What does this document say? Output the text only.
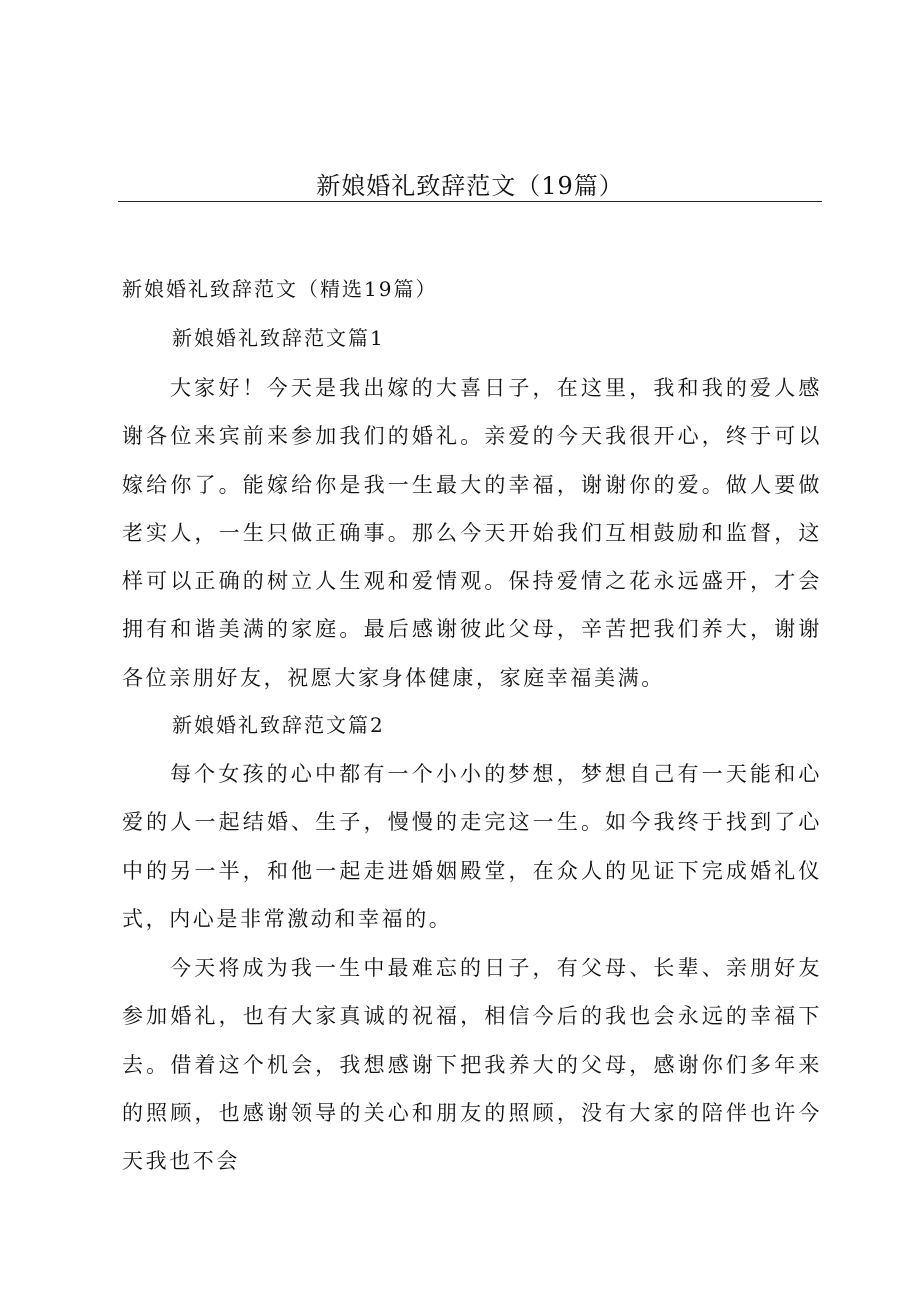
新娘婚礼致辞范文（19篇）

新娘婚礼致辞范文（精选19篇）

新娘婚礼致辞范文篇1

大家好！今天是我出嫁的大喜日子，在这里，我和我的爱人感谢各位来宾前来参加我们的婚礼。亲爱的今天我很开心，终于可以嫁给你了。能嫁给你是我一生最大的幸福，谢谢你的爱。做人要做老实人，一生只做正确事。那么今天开始我们互相鼓励和监督，这样可以正确的树立人生观和爱情观。保持爱情之花永远盛开，才会拥有和谐美满的家庭。最后感谢彼此父母，辛苦把我们养大，谢谢各位亲朋好友，祝愿大家身体健康，家庭幸福美满。

新娘婚礼致辞范文篇2

每个女孩的心中都有一个小小的梦想，梦想自己有一天能和心爱的人一起结婚、生子，慢慢的走完这一生。如今我终于找到了心中的另一半，和他一起走进婚姻殿堂，在众人的见证下完成婚礼仪式，内心是非常激动和幸福的。

今天将成为我一生中最难忘的日子，有父母、长辈、亲朋好友参加婚礼，也有大家真诚的祝福，相信今后的我也会永远的幸福下去。借着这个机会，我想感谢下把我养大的父母，感谢你们多年来的照顾，也感谢领导的关心和朋友的照顾，没有大家的陪伴也许今天我也不会
